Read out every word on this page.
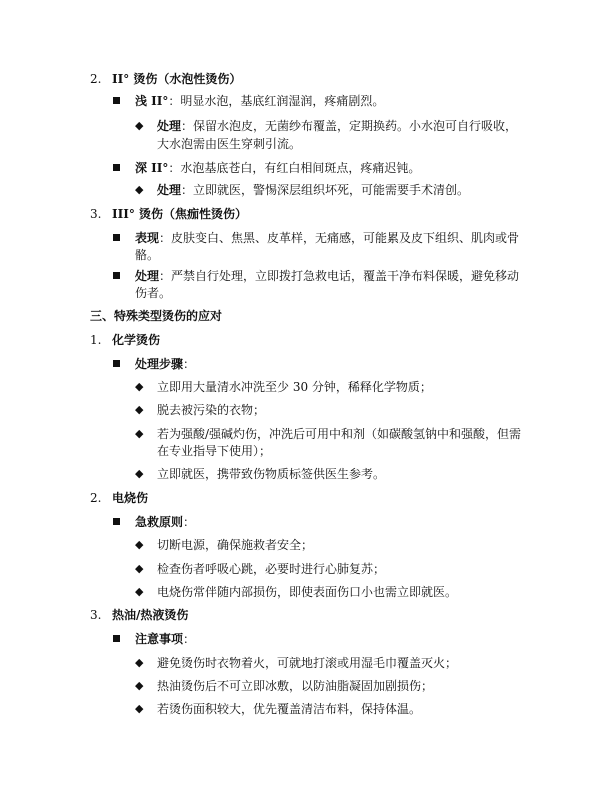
2. II° 烫伤（水泡性烫伤）
浅 II°：明显水泡，基底红润湿润，疼痛剧烈。
◆ 处理：保留水泡皮，无菌纱布覆盖，定期换药。小水泡可自行吸收，
大水泡需由医生穿刺引流。
深 II°：水泡基底苍白，有红白相间斑点，疼痛迟钝。
◆ 处理：立即就医，警惕深层组织坏死，可能需要手术清创。
3. III° 烫伤（焦痂性烫伤）
表现：皮肤变白、焦黑、皮革样，无痛感，可能累及皮下组织、肌肉或骨
骼。
处理：严禁自行处理，立即拨打急救电话，覆盖干净布料保暖，避免移动
伤者。
三、特殊类型烫伤的应对
1. 化学烫伤
处理步骤：
◆ 立即用大量清水冲洗至少 30 分钟，稀释化学物质；
◆ 脱去被污染的衣物；
◆ 若为强酸/强碱灼伤，冲洗后可用中和剂（如碳酸氢钠中和强酸，但需
在专业指导下使用）；
◆ 立即就医，携带致伤物质标签供医生参考。
2. 电烧伤
急救原则：
◆ 切断电源，确保施救者安全；
◆ 检查伤者呼吸心跳，必要时进行心肺复苏；
◆ 电烧伤常伴随内部损伤，即使表面伤口小也需立即就医。
3. 热油/热液烫伤
注意事项：
◆ 避免烫伤时衣物着火，可就地打滚或用湿毛巾覆盖灭火；
◆ 热油烫伤后不可立即冰敷，以防油脂凝固加剧损伤；
◆ 若烫伤面积较大，优先覆盖清洁布料，保持体温。
